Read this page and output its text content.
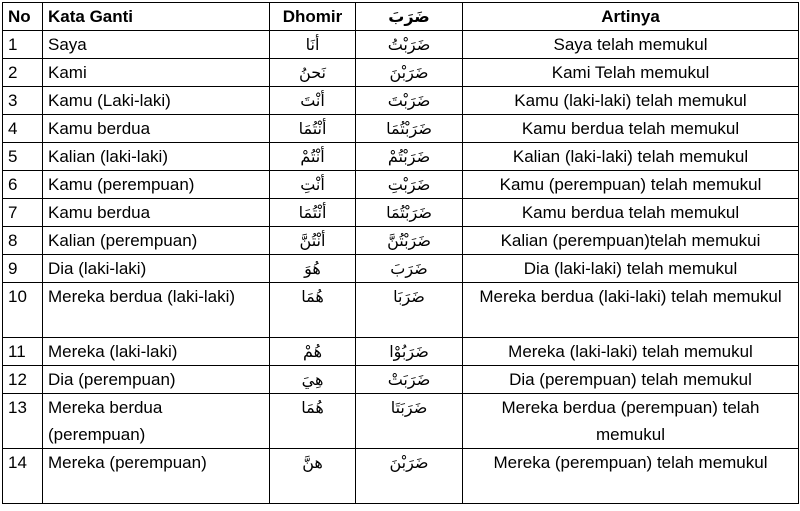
No	Kata Ganti	Dhomir	ضَرَبَ	Artinya
1	Saya	أنَا	ضَرَبْتُ	Saya telah memukul
2	Kami	نَحنُ	ضَرَبْنَ	Kami Telah memukul
3	Kamu (Laki-laki)	أنْتَ	ضَرَبْتَ	Kamu (laki-laki) telah memukul
4	Kamu berdua	أنْتُمَا	ضَرَبْتُمَا	Kamu berdua telah memukul
5	Kalian (laki-laki)	أنْتُمْ	ضَرَبْتُمْ	Kalian (laki-laki) telah memukul
6	Kamu (perempuan)	أنْتِ	ضَرَبْتِ	Kamu (perempuan) telah memukul
7	Kamu berdua	أنْتُمَا	ضَرَبْتُمَا	Kamu berdua telah memukul
8	Kalian (perempuan)	أنْتُنَّ	ضَرَبْتُنَّ	Kalian (perempuan)telah memukui
9	Dia (laki-laki)	هُوَ	ضَرَبَ	Dia (laki-laki) telah memukul
10	Mereka berdua (laki-laki)	هُمَا	ضَرَبَا	Mereka berdua (laki-laki) telah memukul
11	Mereka (laki-laki)	هُمْ	ضَرَبُوْا	Mereka (laki-laki) telah memukul
12	Dia (perempuan)	هِيَ	ضَرَبَتْ	Dia (perempuan) telah memukul
13	Mereka berdua (perempuan)	هُمَا	ضَرَبَتَا	Mereka berdua (perempuan) telah memukul
14	Mereka (perempuan)	هنَّ	ضَرَبْنَ	Mereka (perempuan) telah memukul
